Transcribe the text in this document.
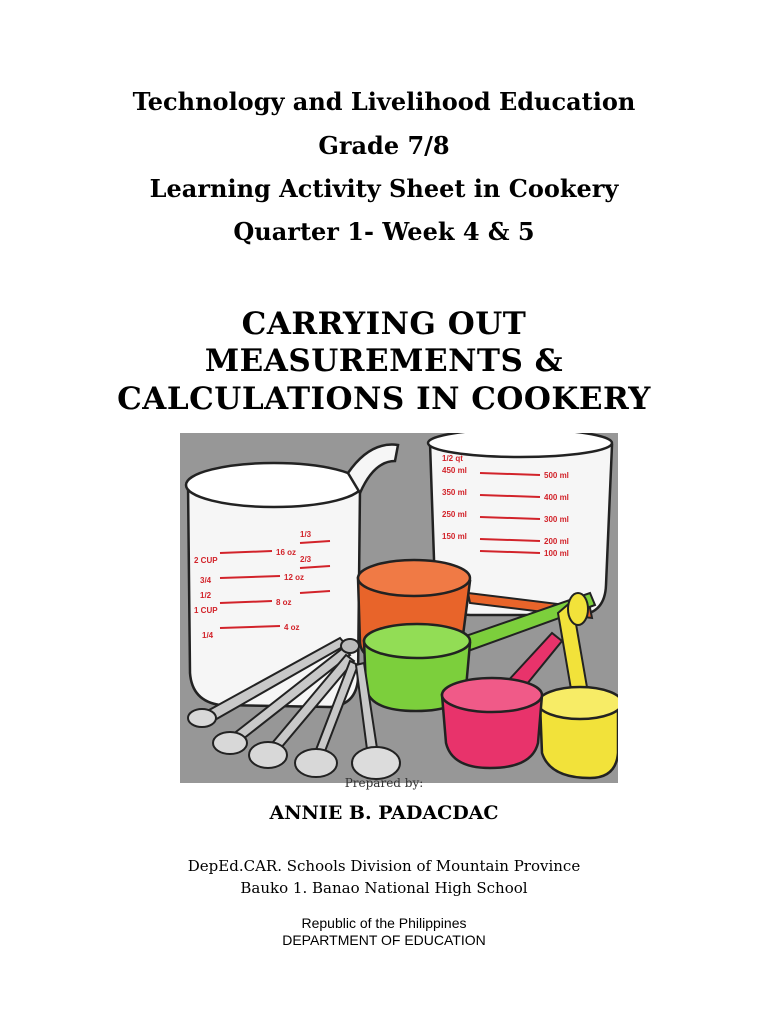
Technology and Livelihood Education
Grade 7/8
Learning Activity Sheet in Cookery
Quarter 1- Week 4 & 5
CARRYING OUT
MEASUREMENTS &
CALCULATIONS IN COOKERY
2 CUP
1 CUP
16 oz
12 oz
8 oz
4 oz
3/4
1/2
1/4
1/3
2/3
1/2 qt
450 ml
350 ml
250 ml
150 ml
500 ml
400 ml
300 ml
200 ml
100 ml
Prepared by:
ANNIE B. PADACDAC
DepEd.CAR. Schools Division of Mountain Province
Bauko 1. Banao National High School
Republic of the Philippines
DEPARTMENT OF EDUCATION
